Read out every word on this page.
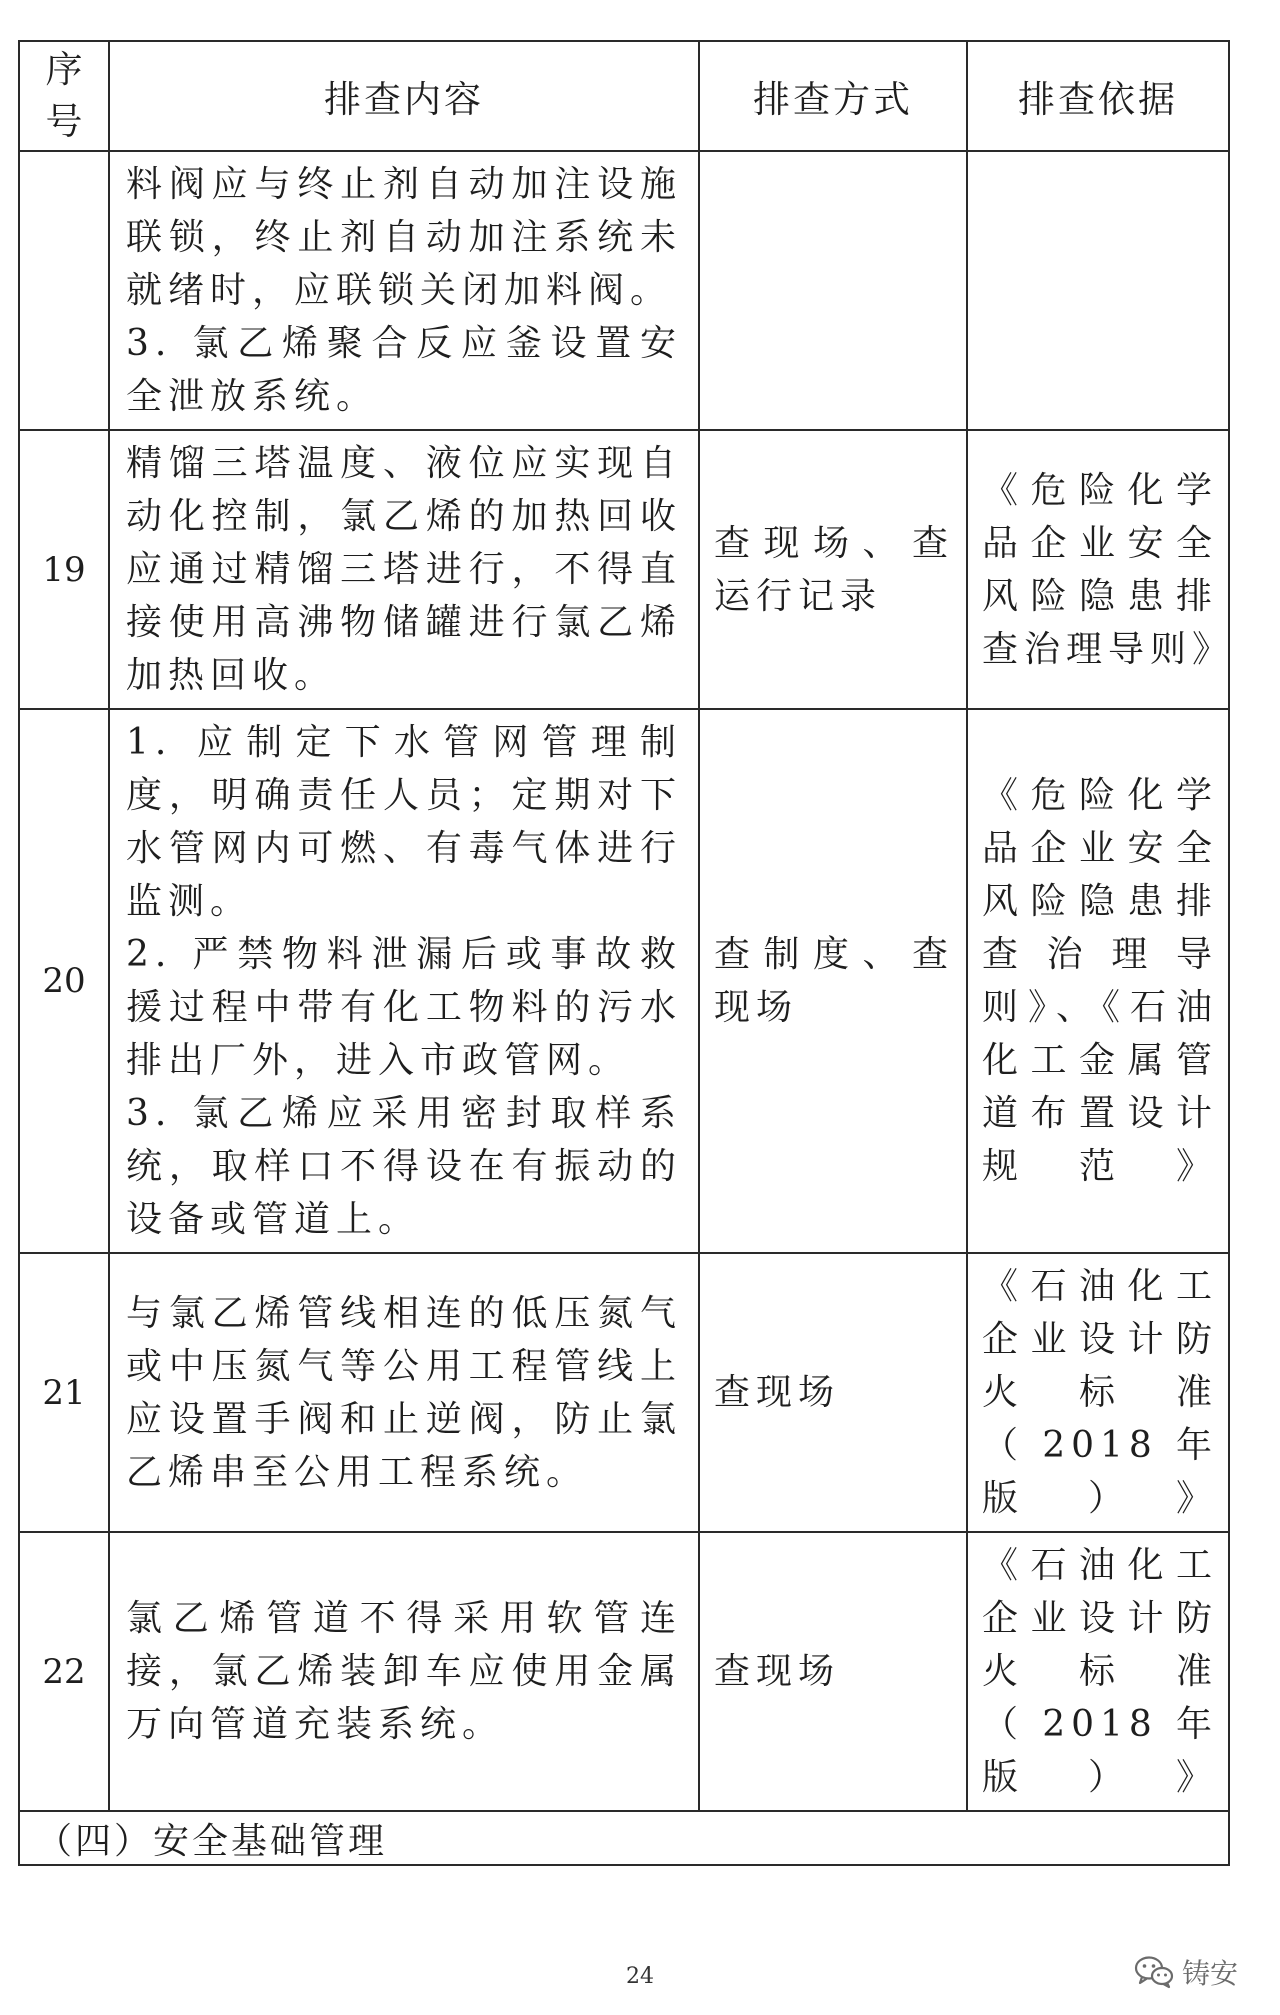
序号	排查内容	排查方式	排查依据

	料阀应与终止剂自动加注设施联锁，终止剂自动加注系统未就绪时，应联锁关闭加料阀。
3. 氯乙烯聚合反应釜设置安全泄放系统。		

19	精馏三塔温度、液位应实现自动化控制，氯乙烯的加热回收应通过精馏三塔进行，不得直接使用高沸物储罐进行氯乙烯加热回收。	查现场、查运行记录	《危险化学品企业安全风险隐患排查治理导则》
20	1. 应制定下水管网管理制度，明确责任人员；定期对下水管网内可燃、有毒气体进行监测。
2. 严禁物料泄漏后或事故救援过程中带有化工物料的污水排出厂外，进入市政管网。
3. 氯乙烯应采用密封取样系统，取样口不得设在有振动的设备或管道上。	查制度、查现场	《危险化学品企业安全风险隐患排查治理导则》、《石油化工金属管道布置设计规范》
21	与氯乙烯管线相连的低压氮气或中压氮气等公用工程管线上应设置手阀和止逆阀，防止氯乙烯串至公用工程系统。	查现场	《石油化工企业设计防火标准（2018年版）》
22	氯乙烯管道不得采用软管连接，氯乙烯装卸车应使用金属万向管道充装系统。	查现场	《石油化工企业设计防火标准（2018年版）》
（四）安全基础管理			
24	铸安
